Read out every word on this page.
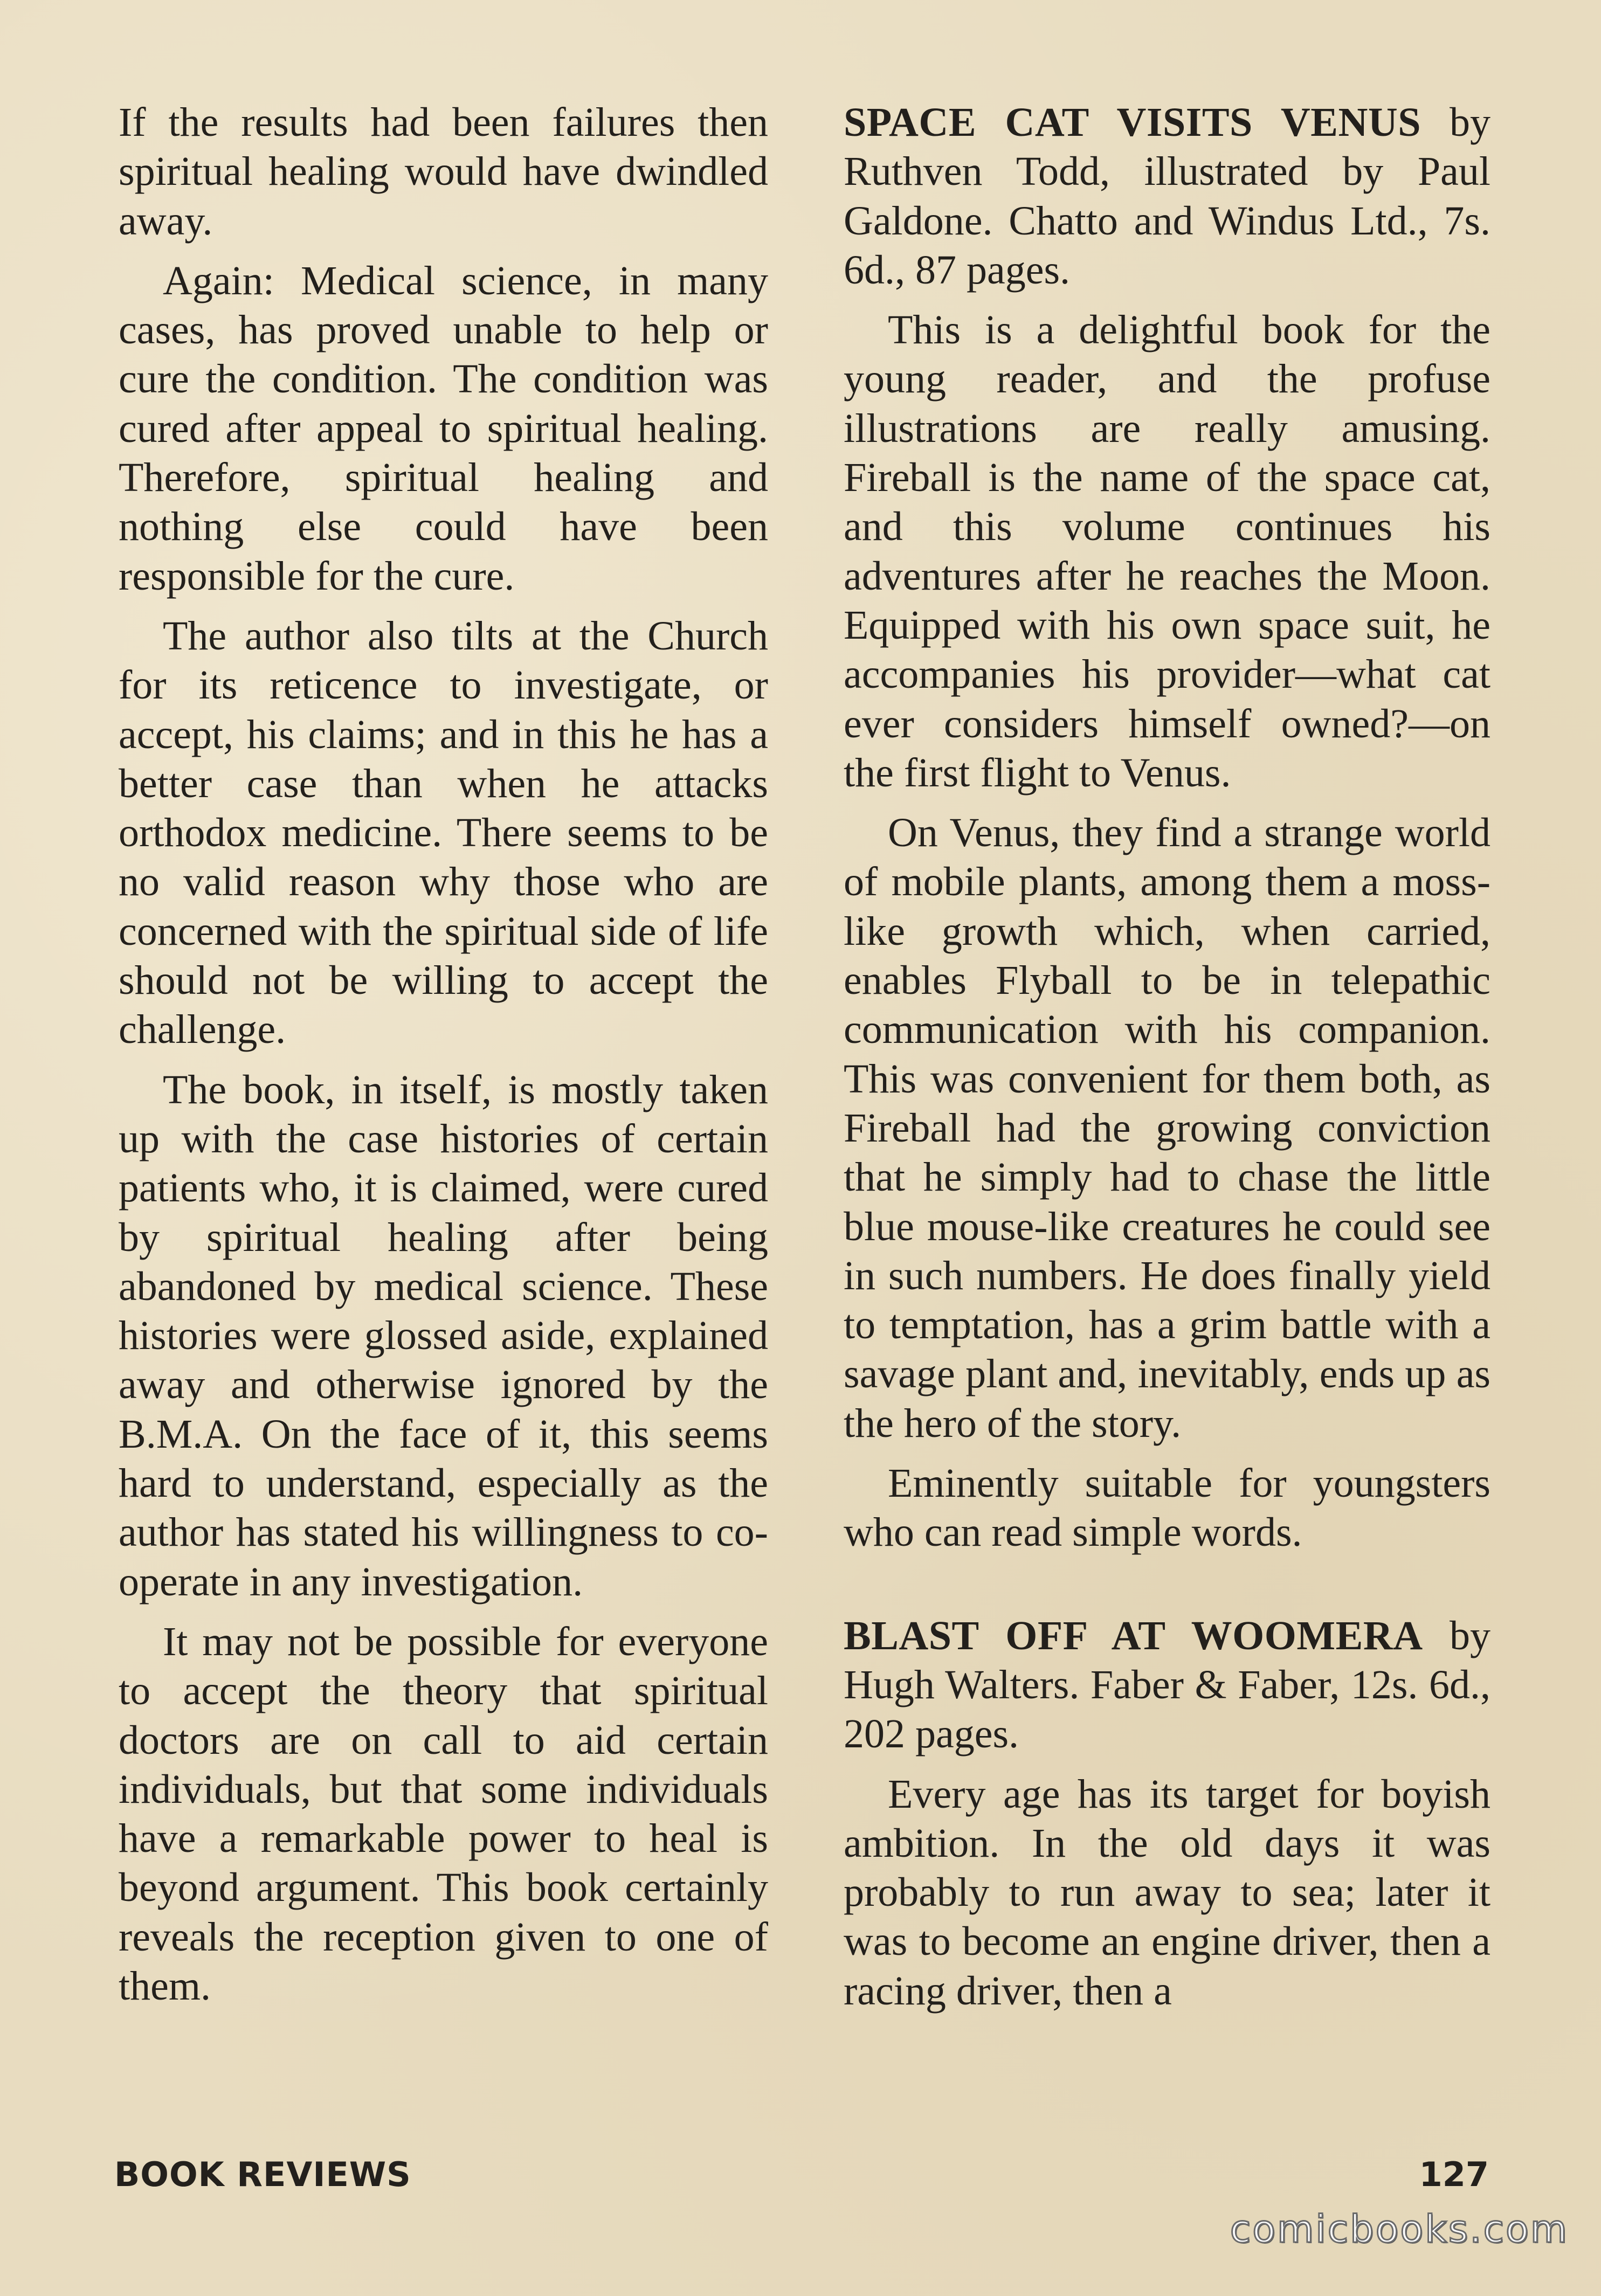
If the results had been failures then spiritual healing would have dwindled away.

Again: Medical science, in many cases, has proved unable to help or cure the condition. The condition was cured after appeal to spiritual healing. Therefore, spiritual healing and nothing else could have been responsible for the cure.

The author also tilts at the Church for its reticence to investigate, or accept, his claims; and in this he has a better case than when he attacks orthodox medicine. There seems to be no valid reason why those who are concerned with the spiritual side of life should not be willing to accept the challenge.

The book, in itself, is mostly taken up with the case histories of certain patients who, it is claimed, were cured by spiritual healing after being abandoned by medical science. These histories were glossed aside, explained away and otherwise ignored by the B.M.A. On the face of it, this seems hard to understand, especially as the author has stated his willingness to co-operate in any investigation.

It may not be possible for everyone to accept the theory that spiritual doctors are on call to aid certain individuals, but that some individuals have a remarkable power to heal is beyond argument. This book certainly reveals the reception given to one of them.

SPACE CAT VISITS VENUS by Ruthven Todd, illustrated by Paul Galdone. Chatto and Windus Ltd., 7s. 6d., 87 pages.

This is a delightful book for the young reader, and the profuse illustrations are really amusing. Fireball is the name of the space cat, and this volume continues his adventures after he reaches the Moon. Equipped with his own space suit, he accompanies his provider—what cat ever considers himself owned?—on the first flight to Venus.

On Venus, they find a strange world of mobile plants, among them a moss-like growth which, when carried, enables Flyball to be in telepathic communication with his companion. This was convenient for them both, as Fireball had the growing conviction that he simply had to chase the little blue mouse-like creatures he could see in such numbers. He does finally yield to temptation, has a grim battle with a savage plant and, inevitably, ends up as the hero of the story.

Eminently suitable for youngsters who can read simple words.

BLAST OFF AT WOOMERA by Hugh Walters. Faber & Faber, 12s. 6d., 202 pages.

Every age has its target for boyish ambition. In the old days it was probably to run away to sea; later it was to become an engine driver, then a racing driver, then a

BOOK REVIEWS	127
comicbooks.com
